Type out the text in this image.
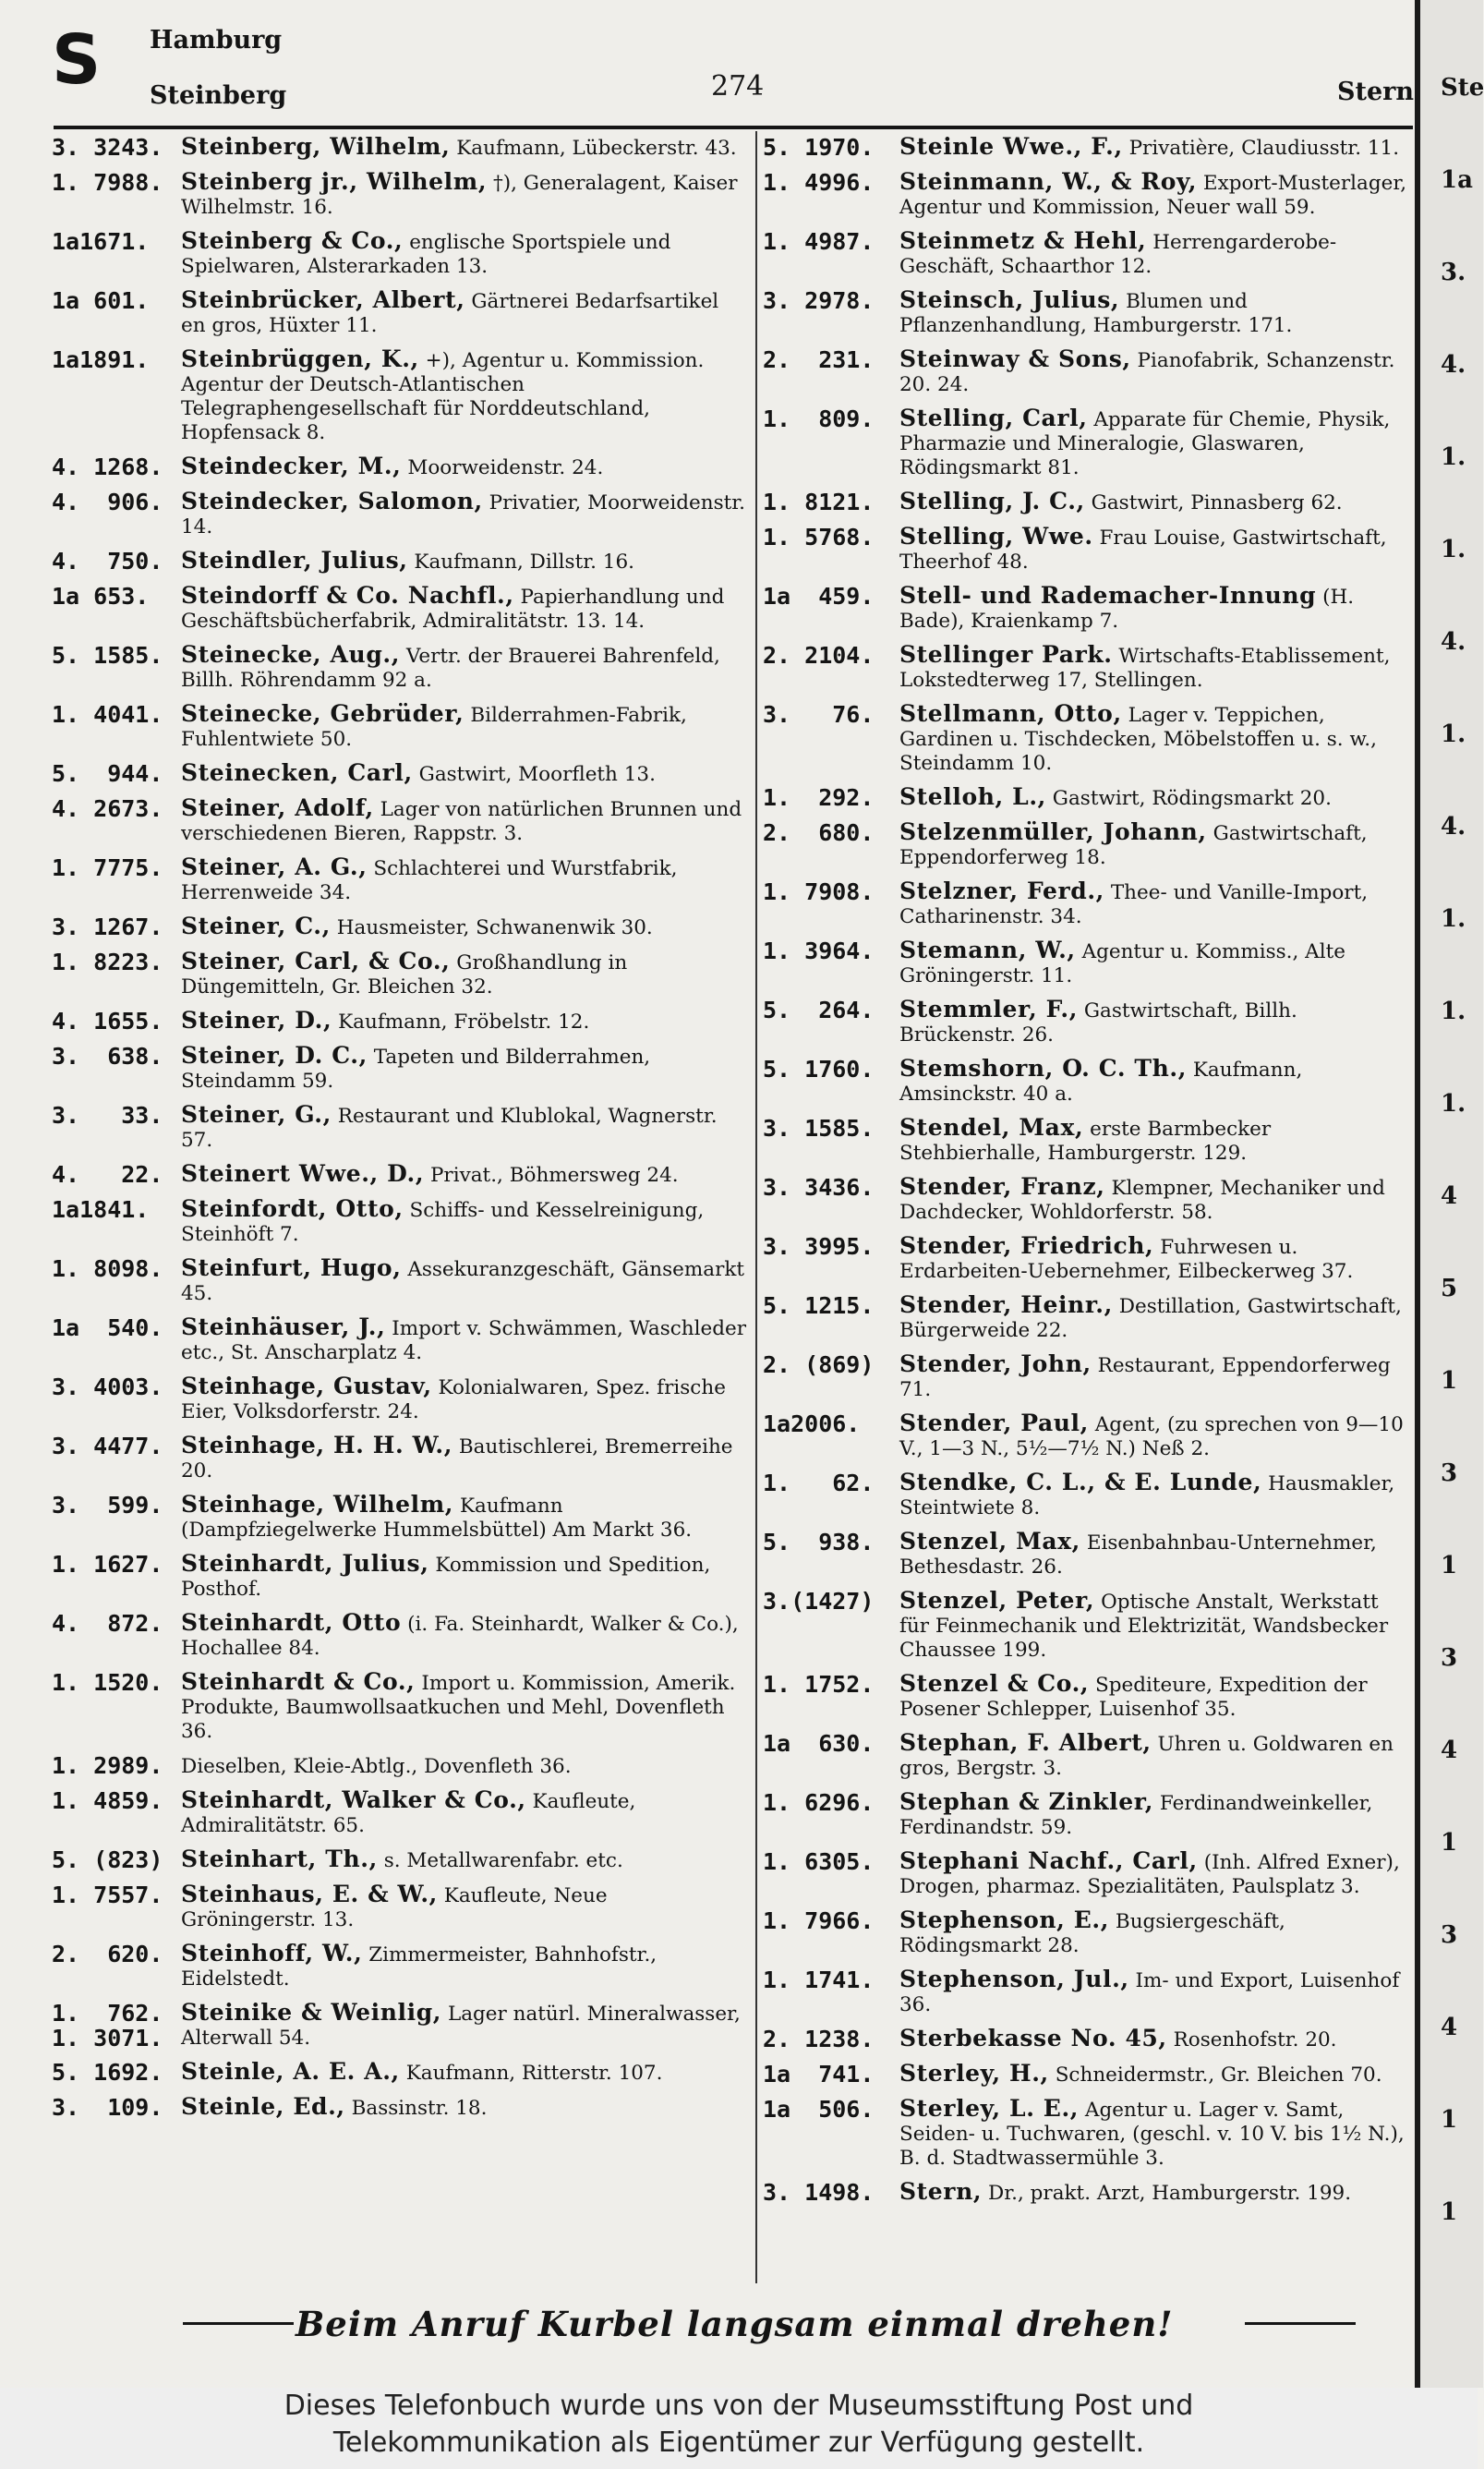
Ste
1a
3.
4.
1.
1.
4.
1.
4.
1.
1.
1.
4
5
1
3
1
3
4
1
3
4
1
1
S Hamburg
Steinberg	274	Stern
3. 3243. Steinberg, Wilhelm, Kaufmann, Lübeckerstr. 43.
1. 7988. Steinberg jr., Wilhelm, †), Generalagent, Kaiser Wilhelmstr. 16.
1a1671. Steinberg & Co., englische Sportspiele und Spielwaren, Alsterarkaden 13.
1a 601. Steinbrücker, Albert, Gärtnerei Bedarfsartikel en gros, Hüxter 11.
1a1891. Steinbrüggen, K., +), Agentur u. Kommission. Agentur der Deutsch-Atlantischen Telegraphengesellschaft für Norddeutschland, Hopfensack 8.
4. 1268. Steindecker, M., Moorweidenstr. 24.
4.  906. Steindecker, Salomon, Privatier, Moorweidenstr. 14.
4.  750. Steindler, Julius, Kaufmann, Dillstr. 16.
1a 653. Steindorff & Co. Nachfl., Papierhandlung und Geschäftsbücherfabrik, Admiralitätstr. 13. 14.
5. 1585. Steinecke, Aug., Vertr. der Brauerei Bahrenfeld, Billh. Röhrendamm 92 a.
1. 4041. Steinecke, Gebrüder, Bilderrahmen-Fabrik, Fuhlentwiete 50.
5.  944. Steinecken, Carl, Gastwirt, Moorfleth 13.
4. 2673. Steiner, Adolf, Lager von natürlichen Brunnen und verschiedenen Bieren, Rappstr. 3.
1. 7775. Steiner, A. G., Schlachterei und Wurstfabrik, Herrenweide 34.
3. 1267. Steiner, C., Hausmeister, Schwanenwik 30.
1. 8223. Steiner, Carl, & Co., Großhandlung in Düngemitteln, Gr. Bleichen 32.
4. 1655. Steiner, D., Kaufmann, Fröbelstr. 12.
3.  638. Steiner, D. C., Tapeten und Bilderrahmen, Steindamm 59.
3.   33. Steiner, G., Restaurant und Klublokal, Wagnerstr. 57.
4.   22. Steinert Wwe., D., Privat., Böhmersweg 24.
1a1841. Steinfordt, Otto, Schiffs- und Kesselreinigung, Steinhöft 7.
1. 8098. Steinfurt, Hugo, Assekuranzgeschäft, Gänsemarkt 45.
1a  540. Steinhäuser, J., Import v. Schwämmen, Waschleder etc., St. Anscharplatz 4.
3. 4003. Steinhage, Gustav, Kolonialwaren, Spez. frische Eier, Volksdorferstr. 24.
3. 4477. Steinhage, H. H. W., Bautischlerei, Bremerreihe 20.
3.  599. Steinhage, Wilhelm, Kaufmann (Dampfziegelwerke Hummelsbüttel) Am Markt 36.
1. 1627. Steinhardt, Julius, Kommission und Spedition, Posthof.
4.  872. Steinhardt, Otto (i. Fa. Steinhardt, Walker & Co.), Hochallee 84.
1. 1520. Steinhardt & Co., Import u. Kommission, Amerik. Produkte, Baumwollsaatkuchen und Mehl, Dovenfleth 36.
1. 2989. Dieselben, Kleie-Abtlg., Dovenfleth 36.
1. 4859. Steinhardt, Walker & Co., Kaufleute, Admiralitätstr. 65.
5. (823) Steinhart, Th., s. Metallwarenfabr. etc.
1. 7557. Steinhaus, E. & W., Kaufleute, Neue Gröningerstr. 13.
2.  620. Steinhoff, W., Zimmermeister, Bahnhofstr., Eidelstedt.
1.  762.
1. 3071.
Steinike & Weinlig, Lager natürl. Mineralwasser, Alterwall 54.
5. 1692. Steinle, A. E. A., Kaufmann, Ritterstr. 107.
3.  109. Steinle, Ed., Bassinstr. 18.
5. 1970. Steinle Wwe., F., Privatière, Claudiusstr. 11.
1. 4996. Steinmann, W., & Roy, Export-Musterlager, Agentur und Kommission, Neuer wall 59.
1. 4987. Steinmetz & Hehl, Herrengarderobe-Geschäft, Schaarthor 12.
3. 2978. Steinsch, Julius, Blumen und Pflanzenhandlung, Hamburgerstr. 171.
2.  231. Steinway & Sons, Pianofabrik, Schanzenstr. 20. 24.
1.  809. Stelling, Carl, Apparate für Chemie, Physik, Pharmazie und Mineralogie, Glaswaren, Rödingsmarkt 81.
1. 8121. Stelling, J. C., Gastwirt, Pinnasberg 62.
1. 5768. Stelling, Wwe. Frau Louise, Gastwirtschaft, Theerhof 48.
1a  459. Stell- und Rademacher-Innung (H. Bade), Kraienkamp 7.
2. 2104. Stellinger Park. Wirtschafts-Etablissement, Lokstedterweg 17, Stellingen.
3.   76. Stellmann, Otto, Lager v. Teppichen, Gardinen u. Tischdecken, Möbelstoffen u. s. w., Steindamm 10.
1.  292. Stelloh, L., Gastwirt, Rödingsmarkt 20.
2.  680. Stelzenmüller, Johann, Gastwirtschaft, Eppendorferweg 18.
1. 7908. Stelzner, Ferd., Thee- und Vanille-Import, Catharinenstr. 34.
1. 3964. Stemann, W., Agentur u. Kommiss., Alte Gröningerstr. 11.
5.  264. Stemmler, F., Gastwirtschaft, Billh. Brückenstr. 26.
5. 1760. Stemshorn, O. C. Th., Kaufmann, Amsinckstr. 40 a.
3. 1585. Stendel, Max, erste Barmbecker Stehbierhalle, Hamburgerstr. 129.
3. 3436. Stender, Franz, Klempner, Mechaniker und Dachdecker, Wohldorferstr. 58.
3. 3995. Stender, Friedrich, Fuhrwesen u. Erdarbeiten-Uebernehmer, Eilbeckerweg 37.
5. 1215. Stender, Heinr., Destillation, Gastwirtschaft, Bürgerweide 22.
2. (869) Stender, John, Restaurant, Eppendorferweg 71.
1a2006. Stender, Paul, Agent, (zu sprechen von 9—10 V., 1—3 N., 5½—7½ N.) Neß 2.
1.   62. Stendke, C. L., & E. Lunde, Hausmakler, Steintwiete 8.
5.  938. Stenzel, Max, Eisenbahnbau-Unternehmer, Bethesdastr. 26.
3.(1427) Stenzel, Peter, Optische Anstalt, Werkstatt für Feinmechanik und Elektrizität, Wandsbecker Chaussee 199.
1. 1752. Stenzel & Co., Spediteure, Expedition der Posener Schlepper, Luisenhof 35.
1a  630. Stephan, F. Albert, Uhren u. Goldwaren en gros, Bergstr. 3.
1. 6296. Stephan & Zinkler, Ferdinandweinkeller, Ferdinandstr. 59.
1. 6305. Stephani Nachf., Carl, (Inh. Alfred Exner), Drogen, pharmaz. Spezialitäten, Paulsplatz 3.
1. 7966. Stephenson, E., Bugsiergeschäft, Rödingsmarkt 28.
1. 1741. Stephenson, Jul., Im- und Export, Luisenhof 36.
2. 1238. Sterbekasse No. 45, Rosenhofstr. 20.
1a  741. Sterley, H., Schneidermstr., Gr. Bleichen 70.
1a  506. Sterley, L. E., Agentur u. Lager v. Samt, Seiden- u. Tuchwaren, (geschl. v. 10 V. bis 1½ N.), B. d. Stadtwassermühle 3.
3. 1498. Stern, Dr., prakt. Arzt, Hamburgerstr. 199.
Beim Anruf Kurbel langsam einmal drehen!
Dieses Telefonbuch wurde uns von der Museumsstiftung Post und
Telekommunikation als Eigentümer zur Verfügung gestellt.
